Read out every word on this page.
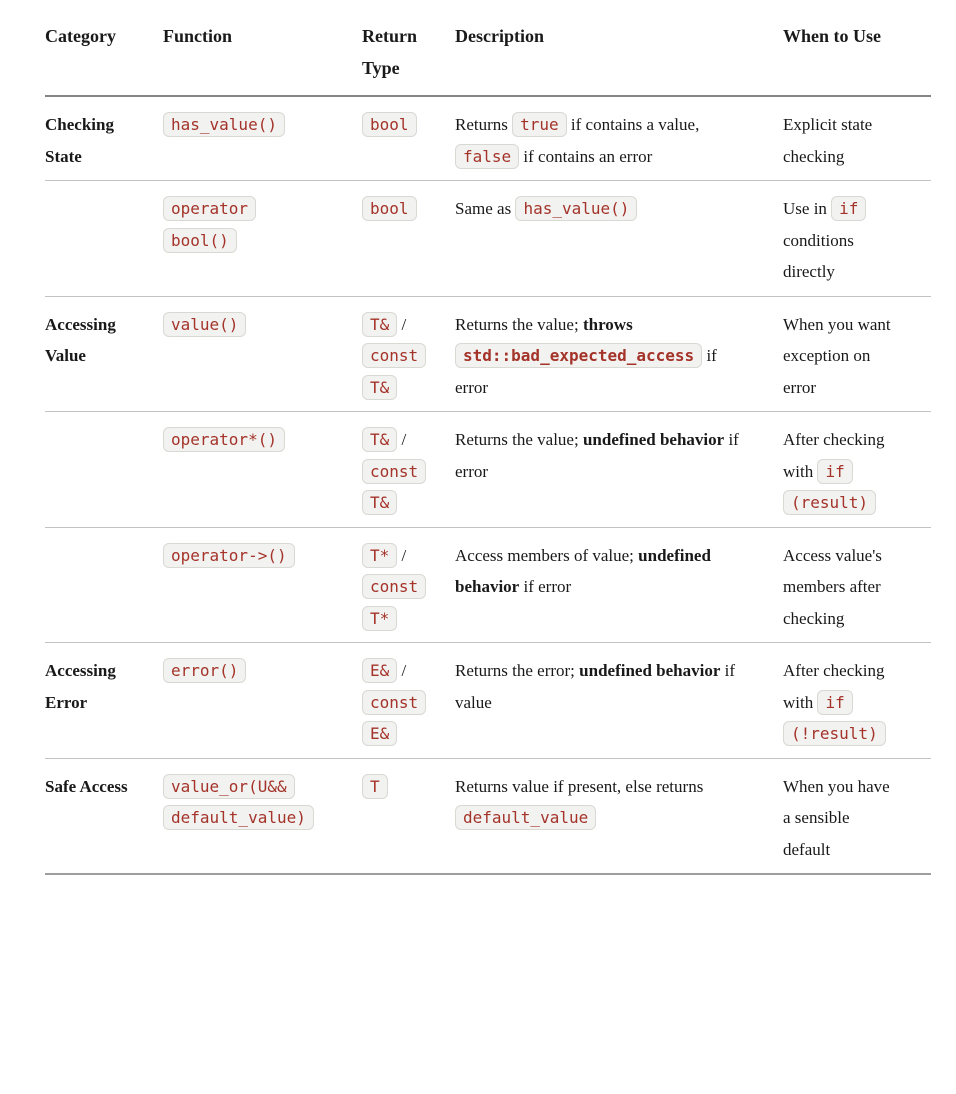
Category	Function	Return Type	Description	When to Use
Checking State	has_value()	bool	Returns true if contains a value, false if contains an error	Explicit state checking
	operator bool()	bool	Same as has_value()	Use in if conditions directly
Accessing Value	value()	T& / const T&	Returns the value; throws std::bad_expected_access if error	When you want exception on error
	operator*()	T& / const T&	Returns the value; undefined behavior if error	After checking with if (result)
	operator->()	T* / const T*	Access members of value; undefined behavior if error	Access value's members after checking
Accessing Error	error()	E& / const E&	Returns the error; undefined behavior if value	After checking with if (!result)
Safe Access	value_or(U&& default_value)	T	Returns value if present, else returns default_value	When you have a sensible default
